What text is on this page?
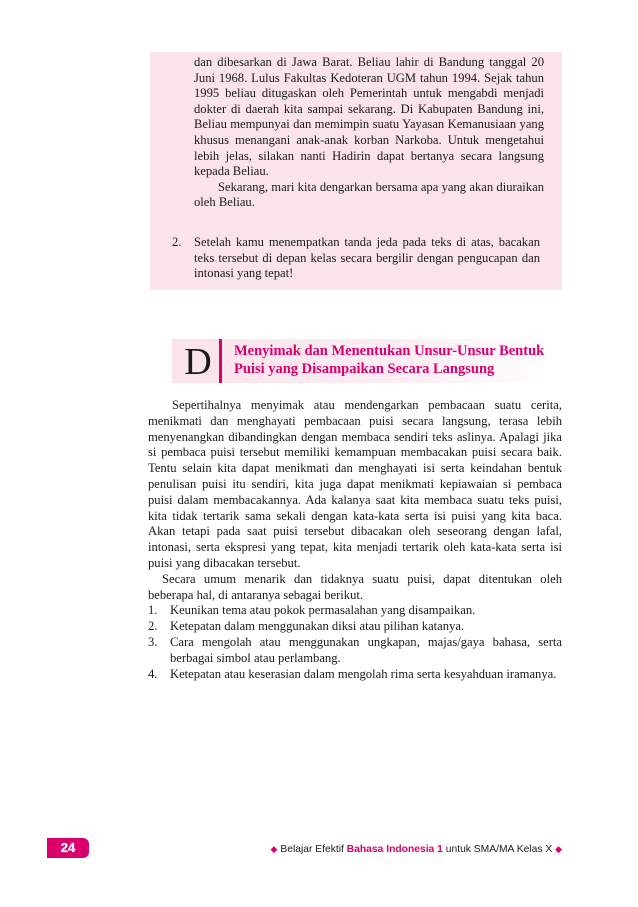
dan dibesarkan di Jawa Barat. Beliau lahir di Bandung tanggal 20 Juni 1968. Lulus Fakultas Kedoteran UGM tahun 1994. Sejak tahun 1995 beliau ditugaskan oleh Pemerintah untuk mengabdi menjadi dokter di daerah kita sampai sekarang. Di Kabupaten Bandung ini, Beliau mempunyai dan memimpin suatu Yayasan Kemanusiaan yang khusus menangani anak-anak korban Narkoba. Untuk mengetahui lebih jelas, silakan nanti Hadirin dapat bertanya secara langsung kepada Beliau.
Sekarang, mari kita dengarkan bersama apa yang akan diuraikan oleh Beliau.
2. Setelah kamu menempatkan tanda jeda pada teks di atas, bacakan teks tersebut di depan kelas secara bergilir dengan pengucapan dan intonasi yang tepat!
D	Menyimak dan Menentukan Unsur-Unsur Bentuk Puisi yang Disampaikan Secara Langsung

Sepertihalnya menyimak atau mendengarkan pembacaan suatu cerita, menikmati dan menghayati pembacaan puisi secara langsung, terasa lebih menyenangkan dibandingkan dengan membaca sendiri teks aslinya. Apalagi jika si pembaca puisi tersebut memiliki kemampuan membacakan puisi secara baik. Tentu selain kita dapat menikmati dan menghayati isi serta keindahan bentuk penulisan puisi itu sendiri, kita juga dapat menikmati kepiawaian si pembaca puisi dalam membacakannya. Ada kalanya saat kita membaca suatu teks puisi, kita tidak tertarik sama sekali dengan kata-kata serta isi puisi yang kita baca. Akan tetapi pada saat puisi tersebut dibacakan oleh seseorang dengan lafal, intonasi, serta ekspresi yang tepat, kita menjadi tertarik oleh kata-kata serta isi puisi yang dibacakan tersebut.

Secara umum menarik dan tidaknya suatu puisi, dapat ditentukan oleh beberapa hal, di antaranya sebagai berikut.

1. Keunikan tema atau pokok permasalahan yang disampaikan.
2. Ketepatan dalam menggunakan diksi atau pilihan katanya.
3. Cara mengolah atau menggunakan ungkapan, majas/gaya bahasa, serta berbagai simbol atau perlambang.
4. Ketepatan atau keserasian dalam mengolah rima serta kesyahduan iramanya.
24	◆ Belajar Efektif Bahasa Indonesia 1 untuk SMA/MA Kelas X ◆
